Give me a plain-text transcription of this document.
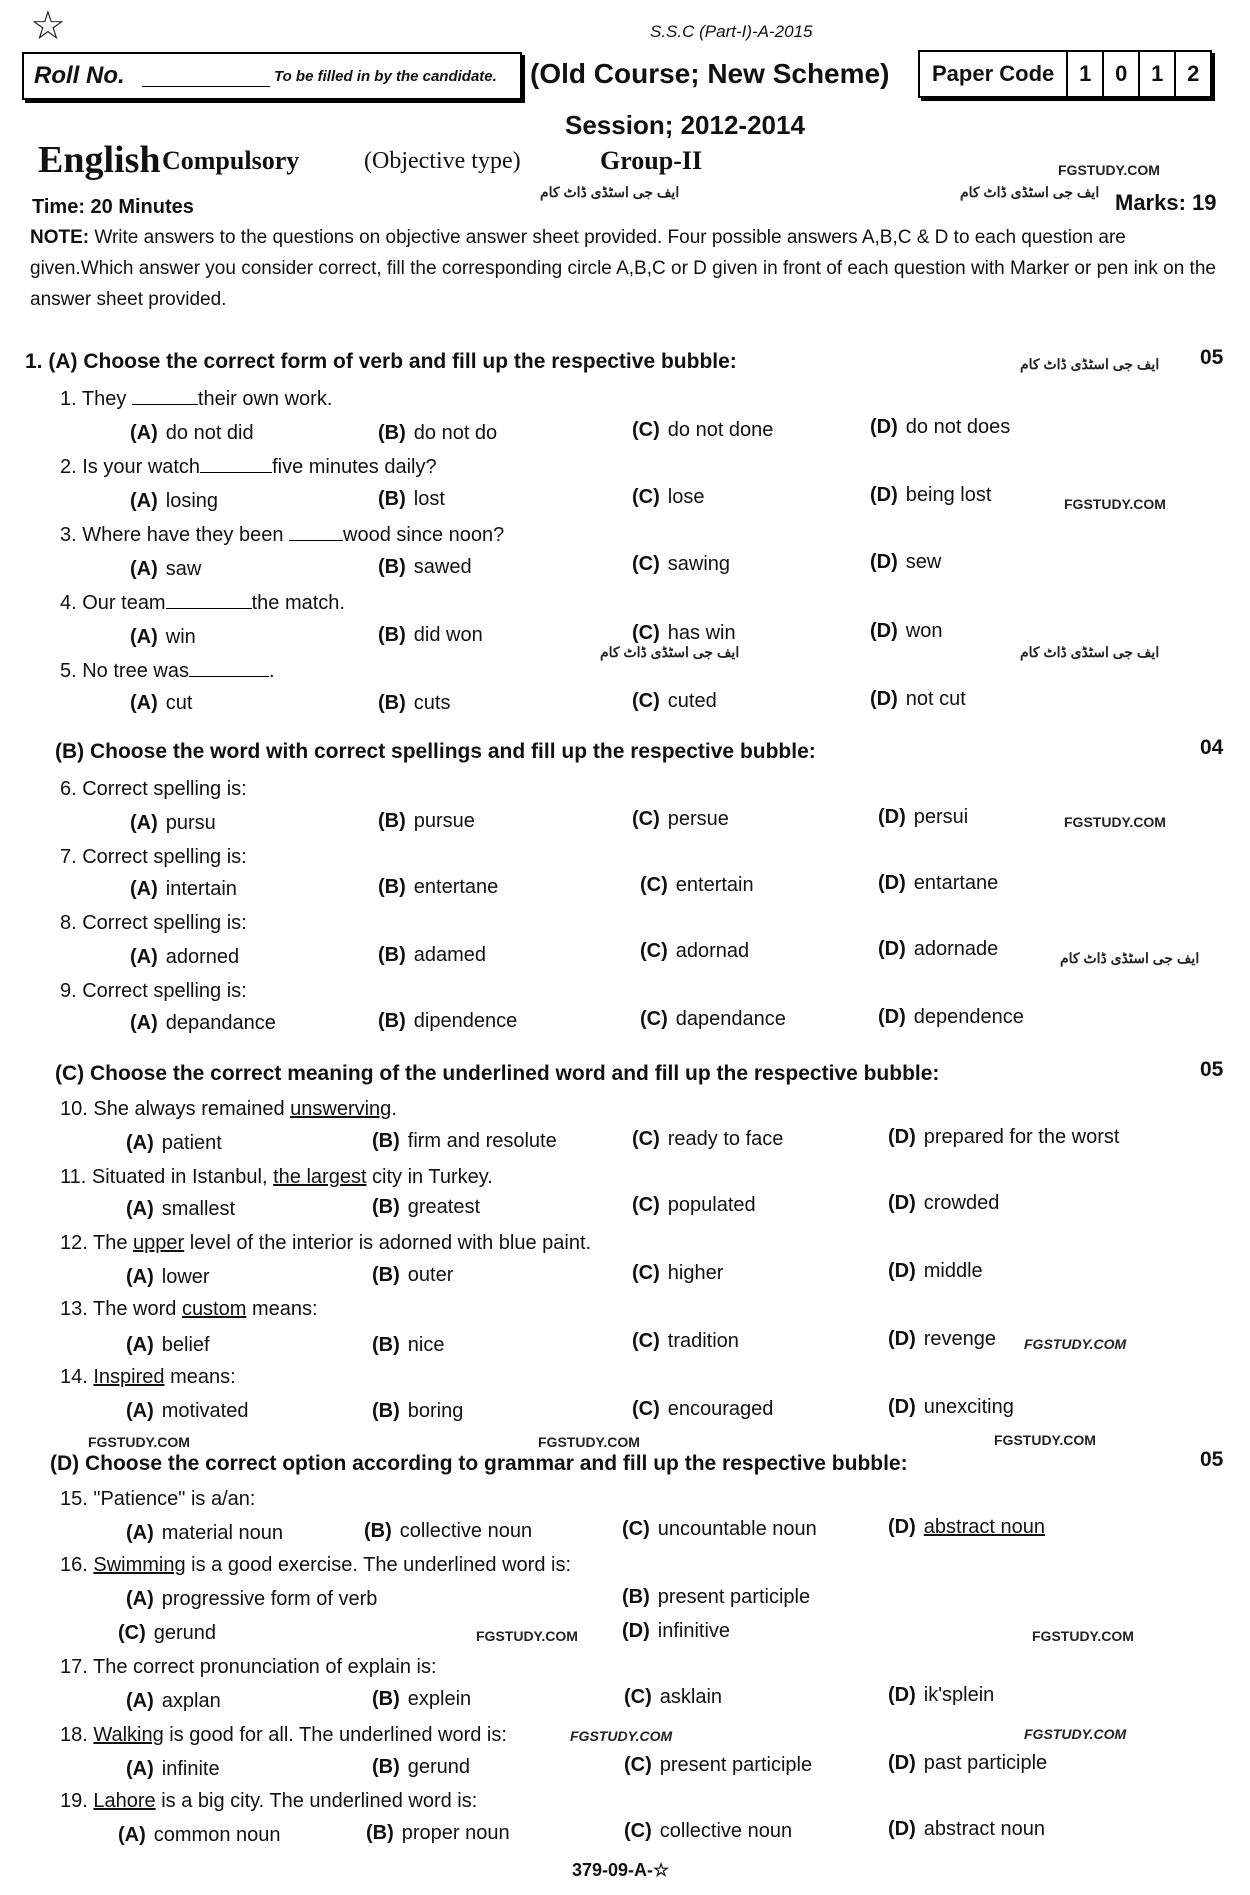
☆	S.S.C (Part-I)-A-2015
Roll No.	To be filled in by the candidate. (Old Course; New Scheme)	Paper Code	1	0	1	2
Session; 2012-2014
English Compulsory	(Objective type)	Group-II	FGSTUDY.COM
ایف جی اسٹڈی ڈاٹ کام	ایف جی اسٹڈی ڈاٹ کام
Time: 20 Minutes	Marks: 19
NOTE: Write answers to the questions on objective answer sheet provided. Four possible answers A,B,C & D to each question are given.Which answer you consider correct, fill the corresponding circle A,B,C or D given in front of each question with Marker or pen ink on the answer sheet provided.
1. (A) Choose the correct form of verb and fill up the respective bubble:	05
ایف جی اسٹڈی ڈاٹ کام
1. They	their own work.
(A) do not did	(B) do not do	(C) do not done	(D) do not does
2. Is your watch	five minutes daily?
(A) losing	(B) lost	(C) lose	(D) being lost	FGSTUDY.COM
3. Where have they been	wood since noon?
(A) saw	(B) sawed	(C) sawing	(D) sew
4. Our team	the match.
(A) win	(B) did won	(C) has win	(D) won
ایف جی اسٹڈی ڈاٹ کام	ایف جی اسٹڈی ڈاٹ کام
5. No tree was	.
(A) cut	(B) cuts	(C) cuted	(D) not cut
(B) Choose the word with correct spellings and fill up the respective bubble:	04
6. Correct spelling is:
(A) pursu	(B) pursue	(C) persue	(D) persui	FGSTUDY.COM
7. Correct spelling is:
(A) intertain	(B) entertane	(C) entertain	(D) entartane
8. Correct spelling is:
(A) adorned	(B) adamed	(C) adornad	(D) adornade	ایف جی اسٹڈی ڈاٹ کام
9. Correct spelling is:
(A) depandance	(B) dipendence	(C) dapendance	(D) dependence
(C) Choose the correct meaning of the underlined word and fill up the respective bubble:	05
10. She always remained unswerving.
(A) patient	(B) firm and resolute	(C) ready to face	(D) prepared for the worst
11. Situated in Istanbul, the largest city in Turkey.
(A) smallest	(B) greatest	(C) populated	(D) crowded
12. The upper level of the interior is adorned with blue paint.
(A) lower	(B) outer	(C) higher	(D) middle
13. The word custom means:
(A) belief	(B) nice	(C) tradition	(D) revenge FGSTUDY.COM
14. Inspired means:
(A) motivated	(B) boring	(C) encouraged	(D) unexciting
FGSTUDY.COM	FGSTUDY.COM	FGSTUDY.COM
(D) Choose the correct option according to grammar and fill up the respective bubble:	05
15. "Patience" is a/an:
(A) material noun	(B) collective noun	(C) uncountable noun	(D) abstract noun
16. Swimming is a good exercise. The underlined word is:
(A) progressive form of verb	(B) present participle
(C) gerund	(D) infinitive
FGSTUDY.COM	FGSTUDY.COM
17. The correct pronunciation of explain is:
(A) axplan	(B) explein	(C) asklain	(D) ik'splein
18. Walking is good for all. The underlined word is:	FGSTUDY.COM	FGSTUDY.COM
(A) infinite	(B) gerund	(C) present participle	(D) past participle
19. Lahore is a big city. The underlined word is:
(A) common noun	(B) proper noun	(C) collective noun	(D) abstract noun
379-09-A-☆
